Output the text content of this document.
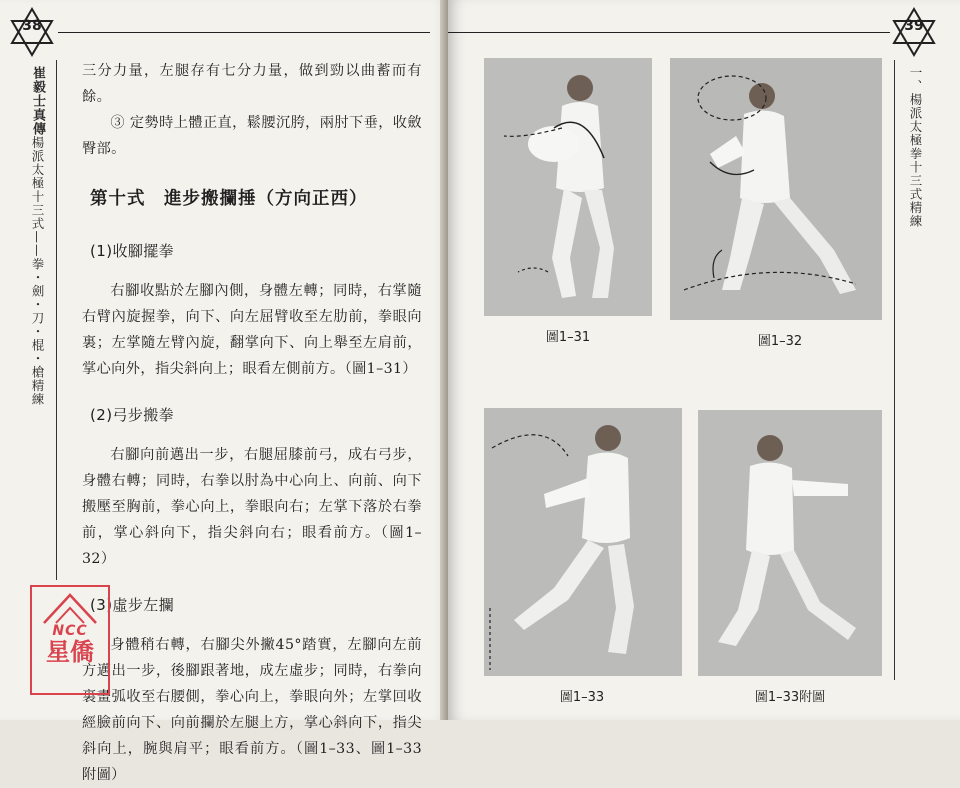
38
崔毅士真傳楊派太極十三式——拳・劍・刀・棍・槍精練

三分力量，左腿存有七分力量，做到勁以曲蓄而有餘。

③ 定勢時上體正直，鬆腰沉胯，兩肘下垂，收斂臀部。

第十式　進步搬攔捶（方向正西）
(1)收腳擺拳

右腳收點於左腳內側，身體左轉；同時，右掌隨右臂內旋握拳，向下、向左屈臂收至左肋前，拳眼向裏；左掌隨左臂內旋，翻掌向下、向上舉至左肩前，掌心向外，指尖斜向上；眼看左側前方。（圖1–31）

(2)弓步搬拳

右腳向前邁出一步，右腿屈膝前弓，成右弓步，身體右轉；同時，右拳以肘為中心向上、向前、向下搬壓至胸前，拳心向上，拳眼向右；左掌下落於右拳前，掌心斜向下，指尖斜向右；眼看前方。（圖1–32）

(3)虛步左攔

身體稍右轉，右腳尖外撇45°踏實，左腳向左前方邁出一步，後腳跟著地，成左虛步；同時，右拳向裏畫弧收至右腰側，拳心向上，拳眼向外；左掌回收經臉前向下、向前攔於左腿上方，掌心斜向下，指尖斜向上，腕與肩平；眼看前方。（圖1–33、圖1–33附圖）

NCC
星僑
39
一、楊派太極拳十三式精練
圖1–31	圖1–32
圖1–33	圖1–33附圖
